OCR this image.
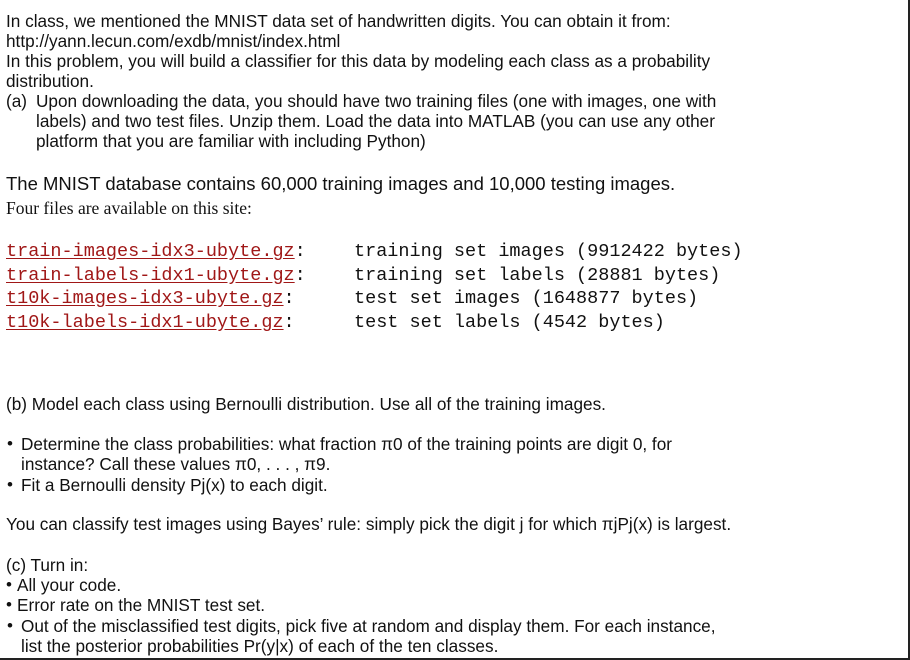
In class, we mentioned the MNIST data set of handwritten digits. You can obtain it from:

http://yann.lecun.com/exdb/mnist/index.html

In this problem, you will build a classifier for this data by modeling each class as a probability

distribution.

(a) Upon downloading the data, you should have two training files (one with images, one with

labels) and two test files. Unzip them. Load the data into MATLAB (you can use any other

platform that you are familiar with including Python)

The MNIST database contains 60,000 training images and 10,000 testing images.

Four files are available on this site:

train-images-idx3-ubyte.gz:	training set images (9912422 bytes)
train-labels-idx1-ubyte.gz:	training set labels (28881 bytes)
t10k-images-idx3-ubyte.gz:	test set images (1648877 bytes)
t10k-labels-idx1-ubyte.gz:	test set labels (4542 bytes)

(b) Model each class using Bernoulli distribution. Use all of the training images.

• Determine the class probabilities: what fraction π0 of the training points are digit 0, for

instance? Call these values π0, . . . , π9.

• Fit a Bernoulli density Pj(x) to each digit.

You can classify test images using Bayes’ rule: simply pick the digit j for which πjPj(x) is largest.

(c) Turn in:

• All your code.

• Error rate on the MNIST test set.

• Out of the misclassified test digits, pick five at random and display them. For each instance,

list the posterior probabilities Pr(y|x) of each of the ten classes.
